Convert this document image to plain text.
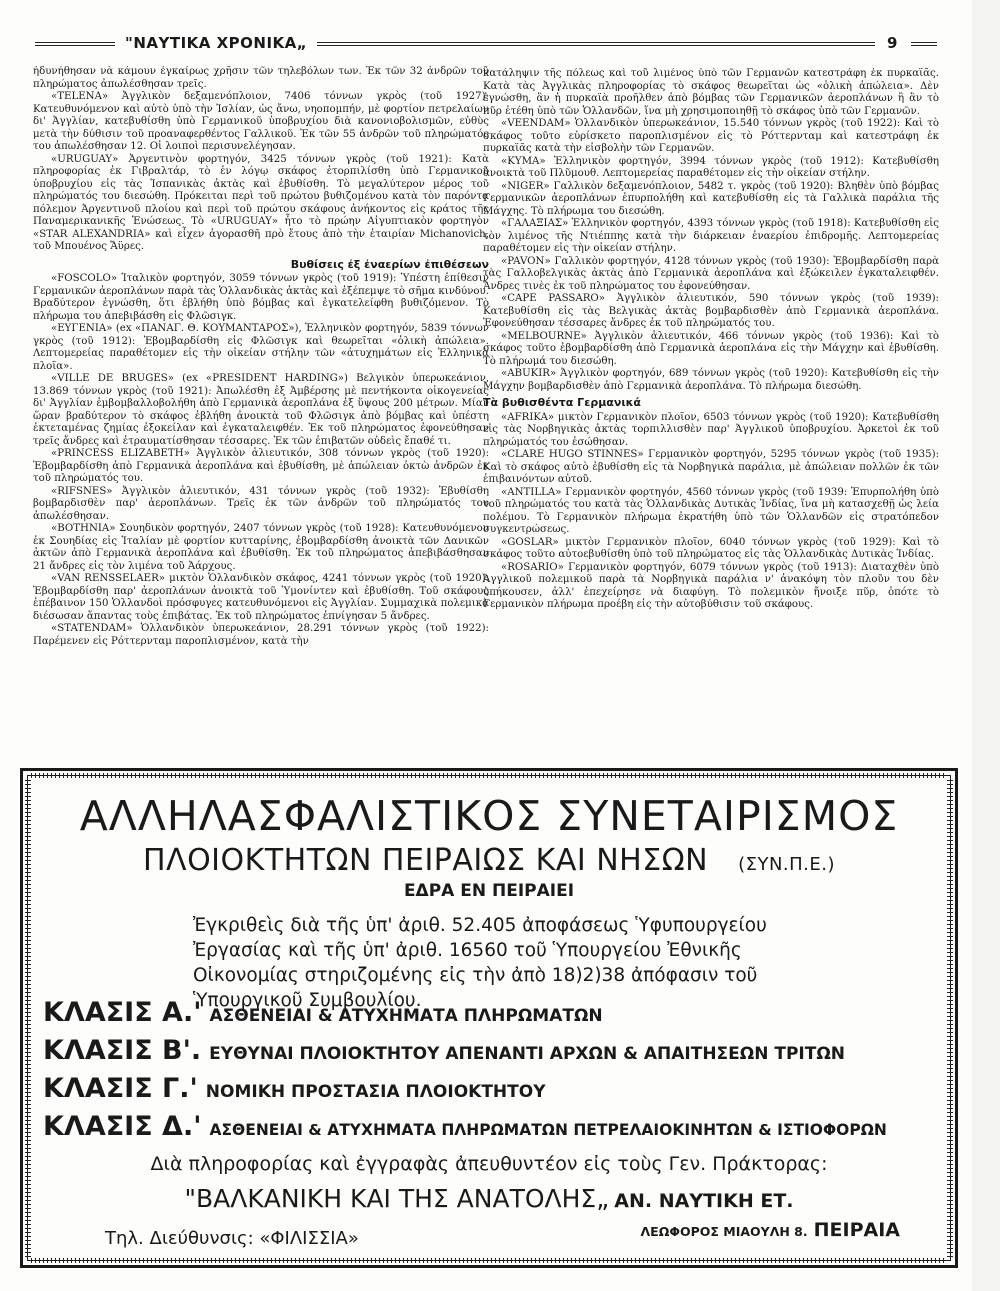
"ΝΑΥΤΙΚΑ ΧΡΟΝΙΚΑ„	9

ἠδυνήθησαν νὰ κάμουν ἐγκαίρως χρῆσιν τῶν τηλεβόλων των. Ἐκ τῶν 32 ἀνδρῶν τοῦ πληρώματος ἀπωλέσθησαν τρεῖς.

«TELENA» Ἀγγλικὸν δεξαμενόπλοιον, 7406 τόννων γκρὸς (τοῦ 1927): Κατευθυνόμενον καὶ αὐτὸ ὑπὸ τὴν Ἰσλίαν, ὡς ἄνω, νηοπομπήν, μὲ φορτίον πετρελαίων δι' Ἀγγλίαν, κατεβυθίσθη ὑπὸ Γερμανικοῦ ὑποβρυχίου διὰ κανονιοβολισμῶν, εὐθὺς μετὰ τὴν δύθισιν τοῦ προαναφερθέντος Γαλλικοῦ. Ἐκ τῶν 55 ἀνδρῶν τοῦ πληρώματός του ἀπωλέσθησαν 12. Οἱ λοιποὶ περισυνελέγησαν.

«URUGUAY» Ἀργεντινὸν φορτηγόν, 3425 τόννων γκρὸς (τοῦ 1921): Κατὰ πληροφορίας ἐκ Γιβραλτάρ, τὸ ἐν λόγῳ σκάφος ἐτορπιλίσθη ὑπὸ Γερμανικοῦ ὑποβρυχίου εἰς τὰς Ἱσπανικὰς ἀκτὰς καὶ ἐβυθίσθη. Τὸ μεγαλύτερον μέρος τοῦ πληρώματός του διεσώθη. Πρόκειται περὶ τοῦ πρώτου βυθιζομένου κατὰ τὸν παρόντα πόλεμον Ἀργεντινοῦ πλοίου καὶ περὶ τοῦ πρώτου σκάφους ἀνήκοντος εἰς κράτος τῆς Παναμερικανικῆς Ἑνώσεως. Τὸ «URUGUAY» ἦτο τὸ πρώην Αἰγυπτιακὸν φορτηγὸν «STAR ALEXANDRIA» καὶ εἶχεν ἀγορασθῆ πρὸ ἔτους ἀπὸ τὴν ἑταιρίαν Michanovich, τοῦ Μπουένος Ἄϋρες.

Βυθίσεις ἐξ ἐναερίων ἐπιθέσεων

«FOSCOLO» Ἰταλικὸν φορτηγόν, 3059 τόννων γκρὸς (τοῦ 1919): Ὑπέστη ἐπίθεσιν Γερμανικῶν ἀεροπλάνων παρὰ τὰς Ὁλλανδικὰς ἀκτὰς καὶ ἐξέπεμψε τὸ σῆμα κινδύνου. Βραδύτερον ἐγνώσθη, ὅτι ἐβλήθη ὑπὸ βόμβας καὶ ἐγκατελείφθη βυθιζόμενον. Τὸ πλήρωμα του ἀπεβιβάσθη εἰς Φλῶσιγκ.

«ΕΥΓΕΝΙΑ» (ex «ΠΑΝΑΓ. Θ. ΚΟΥΜΑΝΤΑΡΟΣ»), Ἑλληνικὸν φορτηγόν, 5839 τόννων γκρὸς (τοῦ 1912): Ἐβομβαρδίσθη εἰς Φλῶσιγκ καὶ θεωρεῖται «ὁλικὴ ἀπώλεια». Λεπτομερείας παραθέτομεν εἰς τὴν οἰκείαν στήλην τῶν «ἀτυχημάτων εἰς Ἑλληνικὰ πλοῖα».

«VILLE DE BRUGES» (ex «PRESIDENT HARDING») Βελγικὸν ὑπερωκεάνιον, 13.869 τόννων γκρὸς (τοῦ 1921): Ἀπωλέσθη ἐξ Ἀμβέρσης μὲ πεντήκοντα οἰκογενείας δι' Ἀγγλίαν ἐμβομβαλλοβολήθη ἀπὸ Γερμανικὰ ἀεροπλάνα ἐξ ὕψους 200 μέτρων. Μίαν ὥραν βραδύτερον τὸ σκάφος ἐβλήθη ἀνοικτὰ τοῦ Φλῶσιγκ ἀπὸ βόμβας καὶ ὑπέστη ἐκτεταμένας ζημίας ἐξοκείλαν καὶ ἐγκαταλειφθέν. Ἐκ τοῦ πληρώματος ἐφονεύθησαν τρεῖς ἄνδρες καὶ ἐτραυματίσθησαν τέσσαρες. Ἐκ τῶν ἐπιβατῶν οὐδεὶς ἔπαθέ τι.

«PRINCESS ELIZABETH» Ἀγγλικὸν ἁλιευτικόν, 308 τόννων γκρὸς (τοῦ 1920): Ἐβομβαρδίσθη ἀπὸ Γερμανικὰ ἀεροπλάνα καὶ ἐβυθίσθη, μὲ ἀπώλειαν ὀκτὼ ἀνδρῶν ἐκ τοῦ πληρώματός του.

«RIFSNES» Ἀγγλικὸν ἁλιευτικόν, 431 τόννων γκρὸς (τοῦ 1932): Ἐβυθίσθη βομβαρδισθὲν παρ' ἀεροπλάνων. Τρεῖς ἐκ τῶν ἀνδρῶν τοῦ πληρώματός του ἀπωλέσθησαν.

«BOTHNIA» Σουηδικὸν φορτηγόν, 2407 τόννων γκρὸς (τοῦ 1928): Κατευθυνόμενον ἐκ Σουηδίας εἰς Ἰταλίαν μὲ φορτίον κυτταρίνης, ἐβομβαρδίσθη ἀνοικτὰ τῶν Δανικῶν ἀκτῶν ἀπὸ Γερμανικὰ ἀεροπλάνα καὶ ἐβυθίσθη. Ἐκ τοῦ πληρώματος ἀπεβιβάσθησαν 21 ἄνδρες εἰς τὸν λιμένα τοῦ Ἀάρχους.

«VAN RENSSELAER» μικτὸν Ὁλλανδικὸν σκάφος, 4241 τόννων γκρὸς (τοῦ 1920): Ἐβομβαρδίσθη παρ' ἀεροπλάνων ἀνοικτὰ τοῦ Ὑμονίντεν καὶ ἐβυθίσθη. Τοῦ σκάφους ἐπέβαινον 150 Ὁλλανδοὶ πρόσφυγες κατευθυνόμενοι εἰς Ἀγγλίαν. Συμμαχικὰ πολεμικὰ διέσωσαν ἅπαντας τοὺς ἐπιβάτας. Ἐκ τοῦ πληρώματος ἐπνίγησαν 5 ἄνδρες.

«STATENDAM» Ὁλλανδικὸν ὑπερωκεάνιον, 28.291 τόννων γκρὸς (τοῦ 1922): Παρέμενεν εἰς Ρόττερνταμ παροπλισμένον, κατὰ τὴν

κατάληψιν τῆς πόλεως καὶ τοῦ λιμένος ὑπὸ τῶν Γερμανῶν κατεστράφη ἐκ πυρκαϊᾶς. Κατὰ τὰς Ἀγγλικὰς πληροφορίας τὸ σκάφος θεωρεῖται ὡς «ὁλικὴ ἀπώλεια». Δὲν ἐγνώσθη, ἂν ἡ πυρκαϊὰ προῆλθεν ἀπὸ βόμβας τῶν Γερμανικῶν ἀεροπλάνων ἢ ἂν τὸ πῦρ ἐτέθη ὑπὸ τῶν Ὁλλανδῶν, ἵνα μὴ χρησιμοποιηθῇ τὸ σκάφος ὑπὸ τῶν Γερμανῶν.

«VEENDAM» Ὁλλανδικὸν ὑπερωκεάνιον, 15.540 τόννων γκρὸς (τοῦ 1922): Καὶ τὸ σκάφος τοῦτο εὑρίσκετο παροπλισμένον εἰς τὸ Ρόττερνταμ καὶ κατεστράφη ἐκ πυρκαϊᾶς κατὰ τὴν εἰσβολὴν τῶν Γερμανῶν.

«ΚΥΜΑ» Ἑλληνικὸν φορτηγόν, 3994 τόννων γκρὸς (τοῦ 1912): Κατεβυθίσθη ἀνοικτὰ τοῦ Πλῦμουθ. Λεπτομερείας παραθέτομεν εἰς τὴν οἰκείαν στήλην.

«NIGER» Γαλλικὸν δεξαμενόπλοιον, 5482 τ. γκρὸς (τοῦ 1920): Βληθὲν ὑπὸ βόμβας Γερμανικῶν ἀεροπλάνων ἐπυρπολήθη καὶ κατεβυθίσθη εἰς τὰ Γαλλικὰ παράλια τῆς Μάγχης. Τὸ πλήρωμα του διεσώθη.

«ΓΑΛΑΞΙΑΣ» Ἑλληνικὸν φορτηγόν, 4393 τόννων γκρὸς (τοῦ 1918): Κατεβυθίσθη εἰς τὸν λιμένος τῆς Ντιέππης κατὰ τὴν διάρκειαν ἐναερίου ἐπιδρομῆς. Λεπτομερείας παραθέτομεν εἰς τὴν οἰκείαν στήλην.

«PAVON» Γαλλικὸν φορτηγόν, 4128 τόννων γκρὸς (τοῦ 1930): Ἐβομβαρδίσθη παρὰ τὰς Γαλλοβελγικὰς ἀκτὰς ἀπὸ Γερμανικὰ ἀεροπλάνα καὶ ἐξώκειλεν ἐγκαταλειφθέν. Ἄνδρες τινὲς ἐκ τοῦ πληρώματος του ἐφονεύθησαν.

«CAPE PASSARO» Ἀγγλικὸν ἁλιευτικόν, 590 τόννων γκρὸς (τοῦ 1939): Κατεβυθίσθη εἰς τὰς Βελγικὰς ἀκτὰς βομβαρδισθὲν ἀπὸ Γερμανικὰ ἀεροπλάνα. Ἐφονεύθησαν τέσσαρες ἄνδρες ἐκ τοῦ πληρώματός του.

«MELBOURNE» Ἀγγλικὸν ἁλιευτικόν, 466 τόννων γκρὸς (τοῦ 1936): Καὶ τὸ σκάφος τοῦτο ἐβομβαρδίσθη ἀπὸ Γερμανικὰ ἀεροπλάνα εἰς τὴν Μάγχην καὶ ἐβυθίσθη. Τὸ πλήρωμά του διεσώθη.

«ABUKIR» Ἀγγλικὸν φορτηγόν, 689 τόννων γκρὸς (τοῦ 1920): Κατεβυθίσθη εἰς τὴν Μάγχην βομβαρδισθὲν ἀπὸ Γερμανικὰ ἀεροπλάνα. Τὸ πλήρωμα διεσώθη.

Τὰ βυθισθέντα Γερμανικά

«AFRIKA» μικτὸν Γερμανικὸν πλοῖον, 6503 τόννων γκρὸς (τοῦ 1920): Κατεβυθίσθη εἰς τὰς Νορβηγικὰς ἀκτὰς τορπιλλισθὲν παρ' Ἀγγλικοῦ ὑποβρυχίου. Ἀρκετοὶ ἐκ τοῦ πληρώματός του ἐσώθησαν.

«CLARE HUGO STINNES» Γερμανικὸν φορτηγόν, 5295 τόννων γκρὸς (τοῦ 1935): Καὶ τὸ σκάφος αὐτὸ ἐβυθίσθη εἰς τὰ Νορβηγικὰ παράλια, μὲ ἀπώλειαν πολλῶν ἐκ τῶν ἐπιβαινόντων αὐτοῦ.

«ANTILLA» Γερμανικὸν φορτηγόν, 4560 τόννων γκρὸς (τοῦ 1939: Ἐπυρπολήθη ὑπὸ τοῦ πληρώματός του κατὰ τὰς Ὁλλανδικὰς Δυτικὰς Ἰνδίας, ἵνα μὴ κατασχεθῇ ὡς λεία πολέμου. Τὸ Γερμανικὸν πλήρωμα ἐκρατήθη ὑπὸ τῶν Ὁλλανδῶν εἰς στρατόπεδον συγκεντρώσεως.

«GOSLAR» μικτὸν Γερμανικὸν πλοῖον, 6040 τόννων γκρὸς (τοῦ 1929): Καὶ τὸ σκάφος τοῦτο αὐτοεβυθίσθη ὑπὸ τοῦ πληρώματος εἰς τὰς Ὁλλανδικὰς Δυτικὰς Ἰνδίας.

«ROSARIO» Γερμανικὸν φορτηγόν, 6079 τόννων γκρὸς (τοῦ 1913): Διαταχθὲν ὑπὸ Ἀγγλικοῦ πολεμικοῦ παρὰ τὰ Νορβηγικὰ παράλια ν' ἀνακόψη τὸν πλοῦν του δὲν ὑπήκουσεν, ἀλλ' ἐπεχείρησε νὰ διαφύγη. Τὸ πολεμικὸν ἤνοιξε πῦρ, ὁπότε τὸ Γερμανικὸν πλήρωμα προέβη εἰς τὴν αὐτοβύθισιν τοῦ σκάφους.

ΑΛΛΗΛΑΣΦΑΛΙΣΤΙΚΟΣ ΣΥΝΕΤΑΙΡΙΣΜΟΣ
ΠΛΟΙΟΚΤΗΤΩΝ ΠΕΙΡΑΙΩΣ ΚΑΙ ΝΗΣΩΝ (ΣΥΝ.Π.Ε.)
ΕΔΡΑ ΕΝ ΠΕΙΡΑΙΕΙ
Ἐγκριθεὶς διὰ τῆς ὑπ' ἀριθ. 52.405 ἀποφάσεως Ὑφυπουργείου Ἐργασίας καὶ τῆς ὑπ' ἀριθ. 16560 τοῦ Ὑπουργείου Ἐθνικῆς Οἰκονομίας στηριζομένης εἰς τὴν ἀπὸ 18)2)38 ἀπόφασιν τοῦ Ὑπουργικοῦ Συμβουλίου.
ΚΛΑΣΙΣ Α.' ΑΣΘΕΝΕΙΑΙ & ΑΤΥΧΗΜΑΤΑ ΠΛΗΡΩΜΑΤΩΝ
ΚΛΑΣΙΣ Β'. ΕΥΘΥΝΑΙ ΠΛΟΙΟΚΤΗΤΟΥ ΑΠΕΝΑΝΤΙ ΑΡΧΩΝ & ΑΠΑΙΤΗΣΕΩΝ ΤΡΙΤΩΝ
ΚΛΑΣΙΣ Γ.' ΝΟΜΙΚΗ ΠΡΟΣΤΑΣΙΑ ΠΛΟΙΟΚΤΗΤΟΥ
ΚΛΑΣΙΣ Δ.' ΑΣΘΕΝΕΙΑΙ & ΑΤΥΧΗΜΑΤΑ ΠΛΗΡΩΜΑΤΩΝ ΠΕΤΡΕΛΑΙΟΚΙΝΗΤΩΝ & ΙΣΤΙΟΦΟΡΩΝ
Διὰ πληροφορίας καὶ ἐγγραφὰς ἀπευθυντέον εἰς τοὺς Γεν. Πράκτορας:
"ΒΑΛΚΑΝΙΚΗ ΚΑΙ ΤΗΣ ΑΝΑΤΟΛΗΣ„ ΑΝ. ΝΑΥΤΙΚΗ ΕΤ.
Τηλ. Διεύθυνσις: «ΦΙΛΙΣΣΙΑ»	ΛΕΩΦΟΡΟΣ ΜΙΑΟΥΛΗ 8. ΠΕΙΡΑΙΑ
